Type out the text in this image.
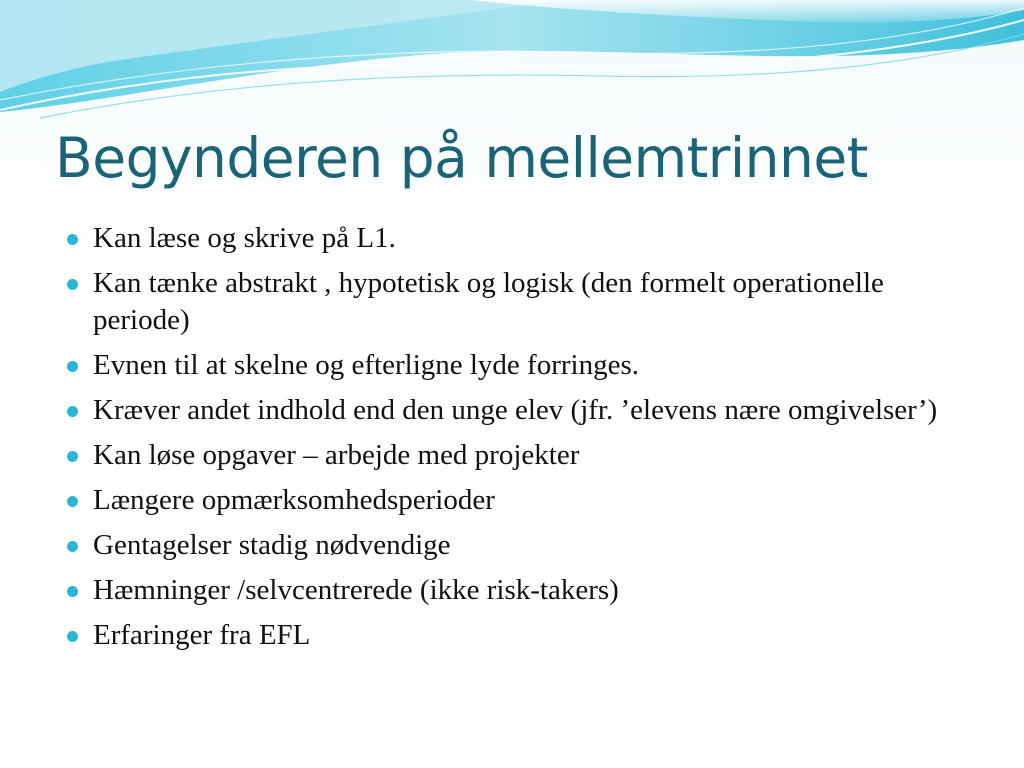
Begynderen på mellemtrinnet
Kan læse og skrive på L1.
Kan tænke abstrakt , hypotetisk og logisk (den formelt operationelle periode)
Evnen til at skelne og efterligne lyde forringes.
Kræver andet indhold end den unge elev (jfr. ’elevens nære omgivelser’)
Kan løse opgaver – arbejde med projekter
Længere opmærksomhedsperioder
Gentagelser stadig nødvendige
Hæmninger /selvcentrerede (ikke risk-takers)
Erfaringer fra EFL
